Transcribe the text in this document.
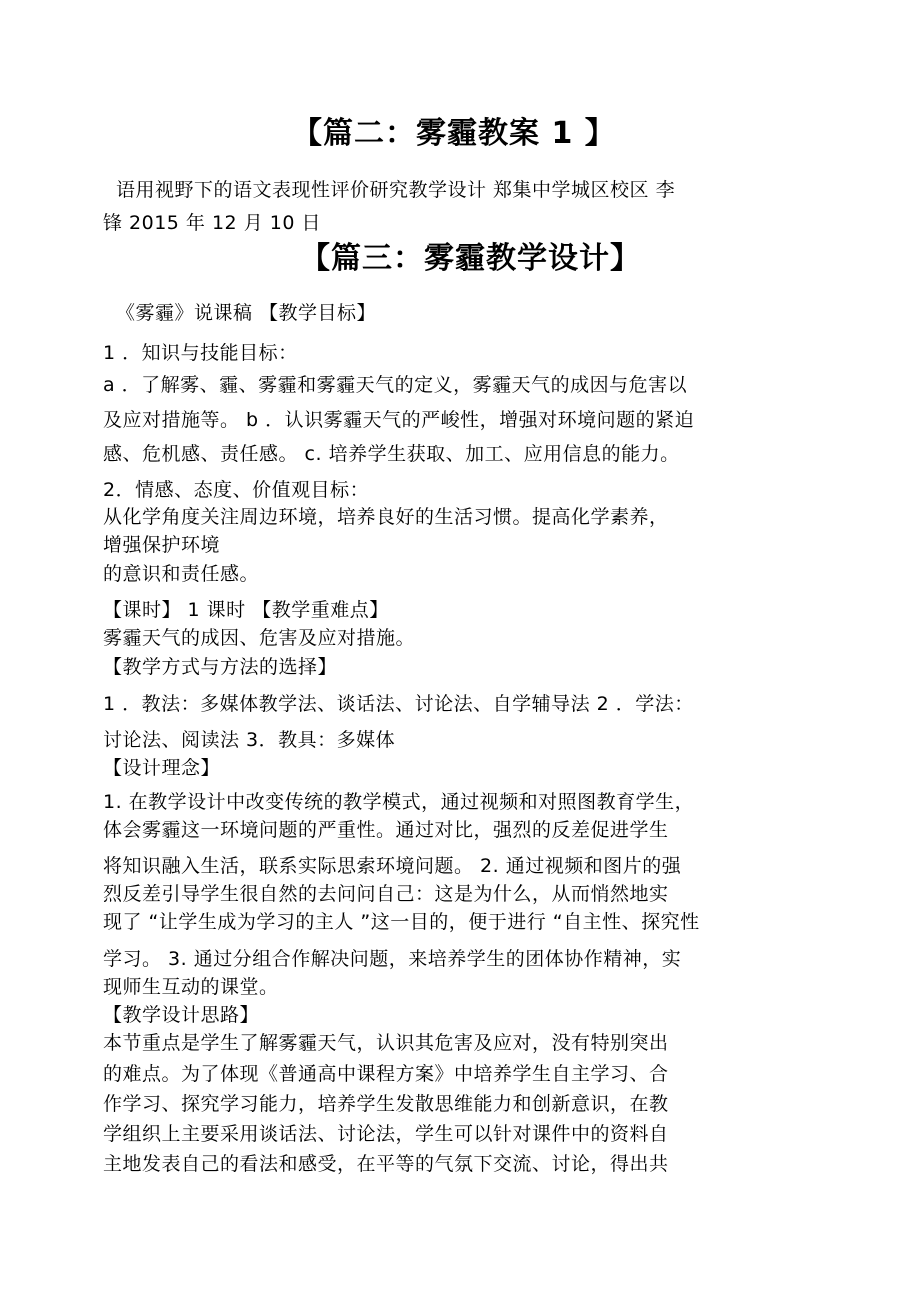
【篇二：雾霾教案 1 】
语用视野下的语文表现性评价研究教学设计 郑集中学城区校区 李
锋 2015 年 12 月 10 日
【篇三：雾霾教学设计】
《雾霾》说课稿 【教学目标】
1 ．知识与技能目标：
a ．了解雾、霾、雾霾和雾霾天气的定义，雾霾天气的成因与危害以
及应对措施等。 b ．认识雾霾天气的严峻性，增强对环境问题的紧迫
感、危机感、责任感。 c. 培养学生获取、加工、应用信息的能力。
2．情感、态度、价值观目标：
从化学角度关注周边环境，培养良好的生活习惯。提高化学素养，
增强保护环境
的意识和责任感。
【课时】 1 课时 【教学重难点】
雾霾天气的成因、危害及应对措施。
【教学方式与方法的选择】
1 ．教法：多媒体教学法、谈话法、讨论法、自学辅导法 2 ．学法：
讨论法、阅读法 3．教具：多媒体
【设计理念】
1. 在教学设计中改变传统的教学模式，通过视频和对照图教育学生，
体会雾霾这一环境问题的严重性。通过对比，强烈的反差促进学生
将知识融入生活，联系实际思索环境问题。 2. 通过视频和图片的强
烈反差引导学生很自然的去问问自己：这是为什么，从而悄然地实
现了 “让学生成为学习的主人 ”这一目的，便于进行 “自主性、探究性
学习。 3. 通过分组合作解决问题，来培养学生的团体协作精神，实
现师生互动的课堂。
【教学设计思路】
本节重点是学生了解雾霾天气，认识其危害及应对，没有特别突出
的难点。为了体现《普通高中课程方案》中培养学生自主学习、合
作学习、探究学习能力，培养学生发散思维能力和创新意识，在教
学组织上主要采用谈话法、讨论法，学生可以针对课件中的资料自
主地发表自己的看法和感受，在平等的气氛下交流、讨论，得出共
